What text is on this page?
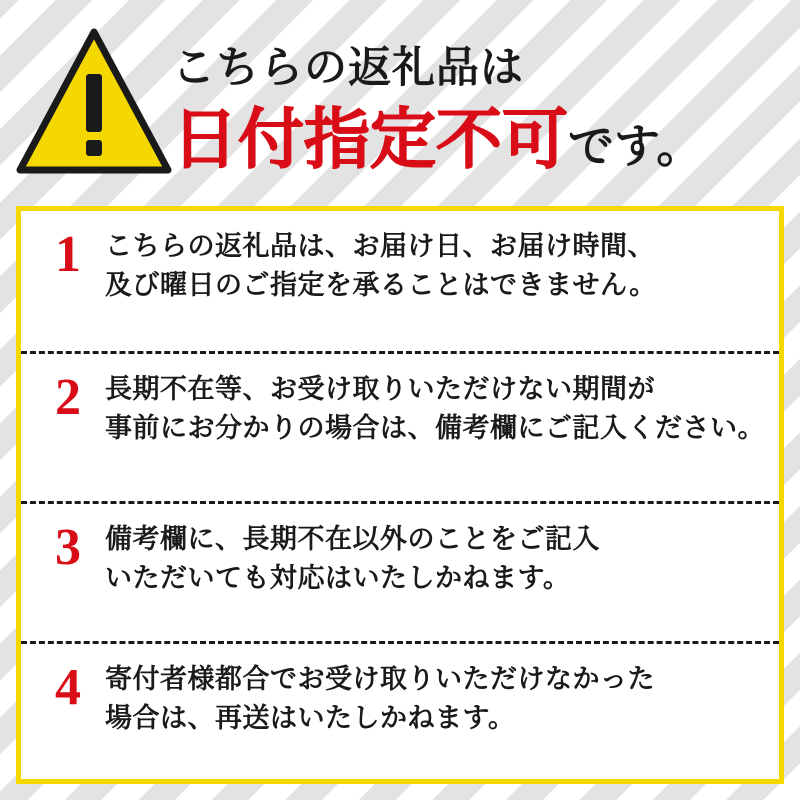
こちらの返礼品は
日付指定不可です。
1 こちらの返礼品は、お届け日、お届け時間、
及び曜日のご指定を承ることはできません。
2 長期不在等、お受け取りいただけない期間が
事前にお分かりの場合は、備考欄にご記入ください。
3 備考欄に、長期不在以外のことをご記入
いただいても対応はいたしかねます。
4 寄付者様都合でお受け取りいただけなかった
場合は、再送はいたしかねます。
